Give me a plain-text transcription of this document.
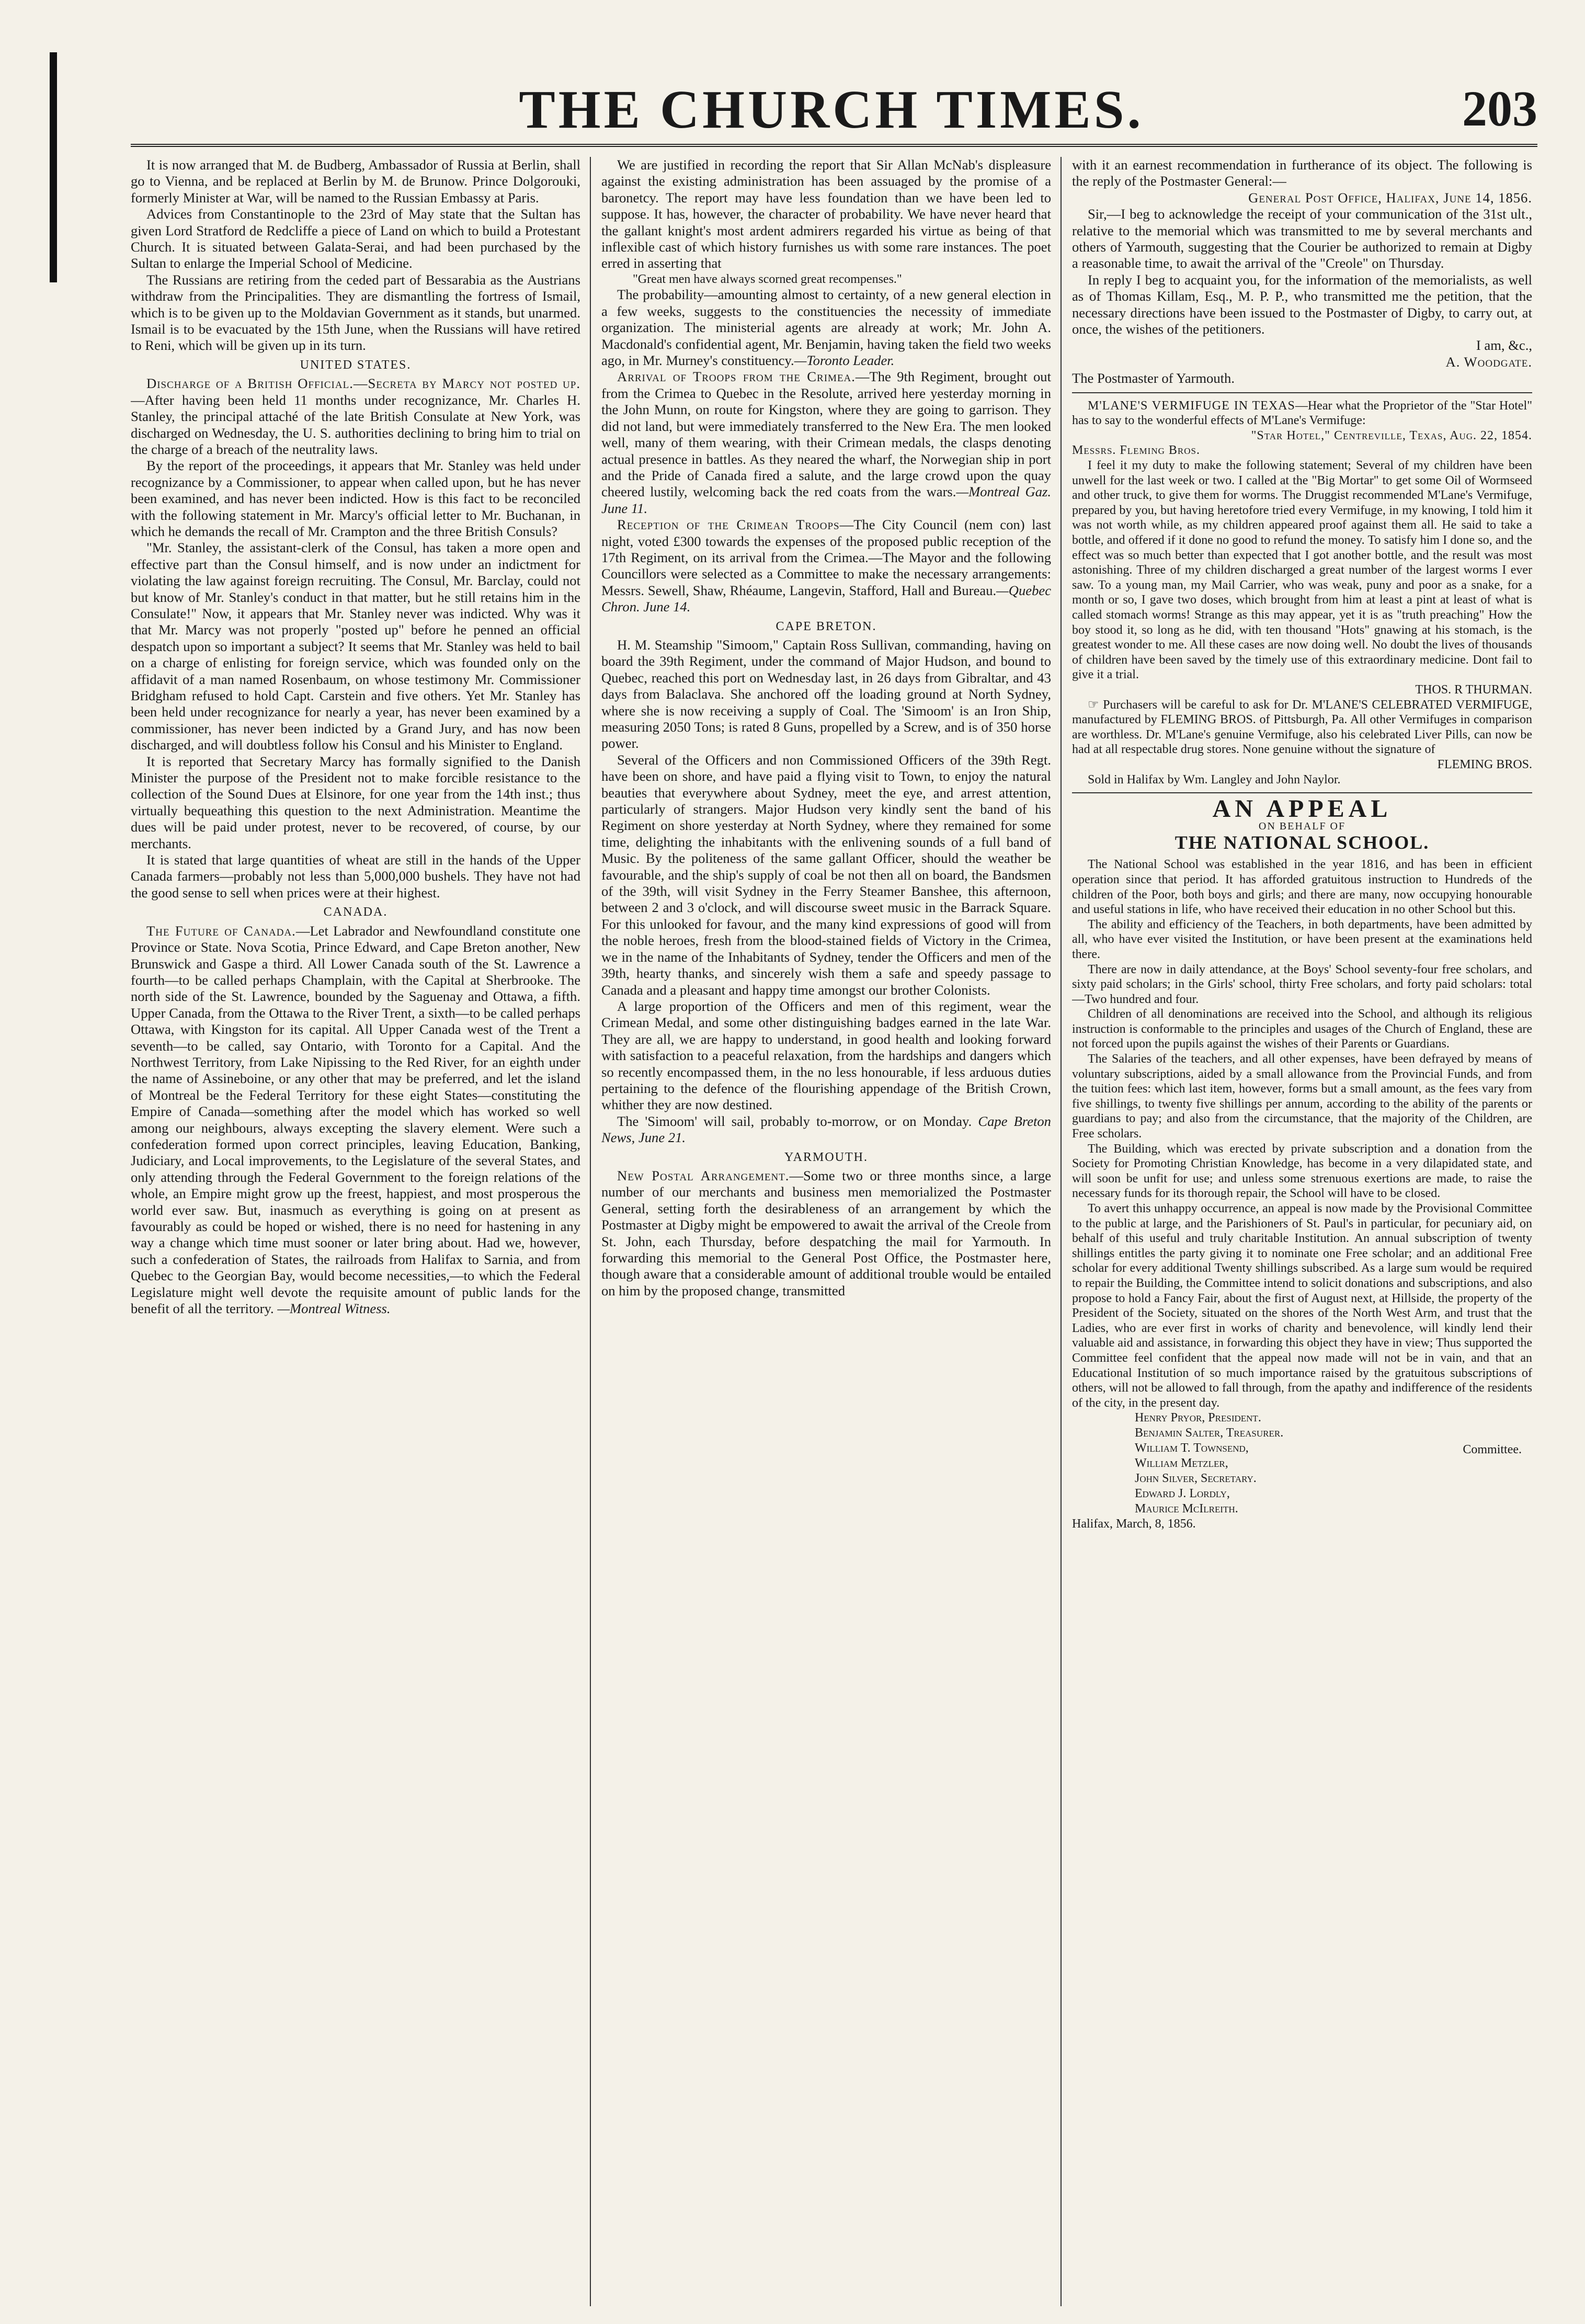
THE CHURCH TIMES.	203

It is now arranged that M. de Budberg, Ambassador of Russia at Berlin, shall go to Vienna, and be replaced at Berlin by M. de Brunow. Prince Dolgorouki, formerly Minister at War, will be named to the Russian Embassy at Paris.

Advices from Constantinople to the 23rd of May state that the Sultan has given Lord Stratford de Redcliffe a piece of Land on which to build a Protestant Church. It is situated between Galata-Serai, and had been purchased by the Sultan to enlarge the Imperial School of Medicine.

The Russians are retiring from the ceded part of Bessarabia as the Austrians withdraw from the Principalities. They are dismantling the fortress of Ismail, which is to be given up to the Moldavian Government as it stands, but unarmed. Ismail is to be evacuated by the 15th June, when the Russians will have retired to Reni, which will be given up in its turn.

UNITED STATES.

Discharge of a British Official.—Secreta by Marcy not posted up.—After having been held 11 months under recognizance, Mr. Charles H. Stanley, the principal attaché of the late British Consulate at New York, was discharged on Wednesday, the U. S. authorities declining to bring him to trial on the charge of a breach of the neutrality laws.

By the report of the proceedings, it appears that Mr. Stanley was held under recognizance by a Commissioner, to appear when called upon, but he has never been examined, and has never been indicted. How is this fact to be reconciled with the following statement in Mr. Marcy's official letter to Mr. Buchanan, in which he demands the recall of Mr. Crampton and the three British Consuls?

"Mr. Stanley, the assistant-clerk of the Consul, has taken a more open and effective part than the Consul himself, and is now under an indictment for violating the law against foreign recruiting. The Consul, Mr. Barclay, could not but know of Mr. Stanley's conduct in that matter, but he still retains him in the Consulate!" Now, it appears that Mr. Stanley never was indicted. Why was it that Mr. Marcy was not properly "posted up" before he penned an official despatch upon so important a subject? It seems that Mr. Stanley was held to bail on a charge of enlisting for foreign service, which was founded only on the affidavit of a man named Rosenbaum, on whose testimony Mr. Commissioner Bridgham refused to hold Capt. Carstein and five others. Yet Mr. Stanley has been held under recognizance for nearly a year, has never been examined by a commissioner, has never been indicted by a Grand Jury, and has now been discharged, and will doubtless follow his Consul and his Minister to England.

It is reported that Secretary Marcy has formally signified to the Danish Minister the purpose of the President not to make forcible resistance to the collection of the Sound Dues at Elsinore, for one year from the 14th inst.; thus virtually bequeathing this question to the next Administration. Meantime the dues will be paid under protest, never to be recovered, of course, by our merchants.

It is stated that large quantities of wheat are still in the hands of the Upper Canada farmers—probably not less than 5,000,000 bushels. They have not had the good sense to sell when prices were at their highest.

CANADA.

The Future of Canada.—Let Labrador and Newfoundland constitute one Province or State. Nova Scotia, Prince Edward, and Cape Breton another, New Brunswick and Gaspe a third. All Lower Canada south of the St. Lawrence a fourth—to be called perhaps Champlain, with the Capital at Sherbrooke. The north side of the St. Lawrence, bounded by the Saguenay and Ottawa, a fifth. Upper Canada, from the Ottawa to the River Trent, a sixth—to be called perhaps Ottawa, with Kingston for its capital. All Upper Canada west of the Trent a seventh—to be called, say Ontario, with Toronto for a Capital. And the Northwest Territory, from Lake Nipissing to the Red River, for an eighth under the name of Assineboine, or any other that may be preferred, and let the island of Montreal be the Federal Territory for these eight States—constituting the Empire of Canada—something after the model which has worked so well among our neighbours, always excepting the slavery element. Were such a confederation formed upon correct principles, leaving Education, Banking, Judiciary, and Local improvements, to the Legislature of the several States, and only attending through the Federal Government to the foreign relations of the whole, an Empire might grow up the freest, happiest, and most prosperous the world ever saw. But, inasmuch as everything is going on at present as favourably as could be hoped or wished, there is no need for hastening in any way a change which time must sooner or later bring about. Had we, however, such a confederation of States, the railroads from Halifax to Sarnia, and from Quebec to the Georgian Bay, would become necessities,—to which the Federal Legislature might well devote the requisite amount of public lands for the benefit of all the territory. —Montreal Witness.

We are justified in recording the report that Sir Allan McNab's displeasure against the existing administration has been assuaged by the promise of a baronetcy. The report may have less foundation than we have been led to suppose. It has, however, the character of probability. We have never heard that the gallant knight's most ardent admirers regarded his virtue as being of that inflexible cast of which history furnishes us with some rare instances. The poet erred in asserting that

"Great men have always scorned great recompenses."

The probability—amounting almost to certainty, of a new general election in a few weeks, suggests to the constituencies the necessity of immediate organization. The ministerial agents are already at work; Mr. John A. Macdonald's confidential agent, Mr. Benjamin, having taken the field two weeks ago, in Mr. Murney's constituency.—Toronto Leader.

Arrival of Troops from the Crimea.—The 9th Regiment, brought out from the Crimea to Quebec in the Resolute, arrived here yesterday morning in the John Munn, on route for Kingston, where they are going to garrison. They did not land, but were immediately transferred to the New Era. The men looked well, many of them wearing, with their Crimean medals, the clasps denoting actual presence in battles. As they neared the wharf, the Norwegian ship in port and the Pride of Canada fired a salute, and the large crowd upon the quay cheered lustily, welcoming back the red coats from the wars.—Montreal Gaz. June 11.

Reception of the Crimean Troops—The City Council (nem con) last night, voted £300 towards the expenses of the proposed public reception of the 17th Regiment, on its arrival from the Crimea.—The Mayor and the following Councillors were selected as a Committee to make the necessary arrangements: Messrs. Sewell, Shaw, Rhéaume, Langevin, Stafford, Hall and Bureau.—Quebec Chron. June 14.

CAPE BRETON.

H. M. Steamship "Simoom," Captain Ross Sullivan, commanding, having on board the 39th Regiment, under the command of Major Hudson, and bound to Quebec, reached this port on Wednesday last, in 26 days from Gibraltar, and 43 days from Balaclava. She anchored off the loading ground at North Sydney, where she is now receiving a supply of Coal. The 'Simoom' is an Iron Ship, measuring 2050 Tons; is rated 8 Guns, propelled by a Screw, and is of 350 horse power.

Several of the Officers and non Commissioned Officers of the 39th Regt. have been on shore, and have paid a flying visit to Town, to enjoy the natural beauties that everywhere about Sydney, meet the eye, and arrest attention, particularly of strangers. Major Hudson very kindly sent the band of his Regiment on shore yesterday at North Sydney, where they remained for some time, delighting the inhabitants with the enlivening sounds of a full band of Music. By the politeness of the same gallant Officer, should the weather be favourable, and the ship's supply of coal be not then all on board, the Bandsmen of the 39th, will visit Sydney in the Ferry Steamer Banshee, this afternoon, between 2 and 3 o'clock, and will discourse sweet music in the Barrack Square. For this unlooked for favour, and the many kind expressions of good will from the noble heroes, fresh from the blood-stained fields of Victory in the Crimea, we in the name of the Inhabitants of Sydney, tender the Officers and men of the 39th, hearty thanks, and sincerely wish them a safe and speedy passage to Canada and a pleasant and happy time amongst our brother Colonists.

A large proportion of the Officers and men of this regiment, wear the Crimean Medal, and some other distinguishing badges earned in the late War. They are all, we are happy to understand, in good health and looking forward with satisfaction to a peaceful relaxation, from the hardships and dangers which so recently encompassed them, in the no less honourable, if less arduous duties pertaining to the defence of the flourishing appendage of the British Crown, whither they are now destined.

The 'Simoom' will sail, probably to-morrow, or on Monday. Cape Breton News, June 21.

YARMOUTH.

New Postal Arrangement.—Some two or three months since, a large number of our merchants and business men memorialized the Postmaster General, setting forth the desirableness of an arrangement by which the Postmaster at Digby might be empowered to await the arrival of the Creole from St. John, each Thursday, before despatching the mail for Yarmouth. In forwarding this memorial to the General Post Office, the Postmaster here, though aware that a considerable amount of additional trouble would be entailed on him by the proposed change, transmitted

with it an earnest recommendation in furtherance of its object. The following is the reply of the Postmaster General:—

General Post Office, Halifax, June 14, 1856.

Sir,—I beg to acknowledge the receipt of your communication of the 31st ult., relative to the memorial which was transmitted to me by several merchants and others of Yarmouth, suggesting that the Courier be authorized to remain at Digby a reasonable time, to await the arrival of the "Creole" on Thursday.

In reply I beg to acquaint you, for the information of the memorialists, as well as of Thomas Killam, Esq., M. P. P., who transmitted me the petition, that the necessary directions have been issued to the Postmaster of Digby, to carry out, at once, the wishes of the petitioners.

I am, &c.,

A. Woodgate.

The Postmaster of Yarmouth.

M'LANE'S VERMIFUGE IN TEXAS—Hear what the Proprietor of the "Star Hotel" has to say to the wonderful effects of M'Lane's Vermifuge:

"Star Hotel," Centreville, Texas, Aug. 22, 1854.

Messrs. Fleming Bros.

I feel it my duty to make the following statement; Several of my children have been unwell for the last week or two. I called at the "Big Mortar" to get some Oil of Wormseed and other truck, to give them for worms. The Druggist recommended M'Lane's Vermifuge, prepared by you, but having heretofore tried every Vermifuge, in my knowing, I told him it was not worth while, as my children appeared proof against them all. He said to take a bottle, and offered if it done no good to refund the money. To satisfy him I done so, and the effect was so much better than expected that I got another bottle, and the result was most astonishing. Three of my children discharged a great number of the largest worms I ever saw. To a young man, my Mail Carrier, who was weak, puny and poor as a snake, for a month or so, I gave two doses, which brought from him at least a pint at least of what is called stomach worms! Strange as this may appear, yet it is as "truth preaching" How the boy stood it, so long as he did, with ten thousand "Hots" gnawing at his stomach, is the greatest wonder to me. All these cases are now doing well. No doubt the lives of thousands of children have been saved by the timely use of this extraordinary medicine. Dont fail to give it a trial.

THOS. R THURMAN.

☞ Purchasers will be careful to ask for Dr. M'LANE'S CELEBRATED VERMIFUGE, manufactured by FLEMING BROS. of Pittsburgh, Pa. All other Vermifuges in comparison are worthless. Dr. M'Lane's genuine Vermifuge, also his celebrated Liver Pills, can now be had at all respectable drug stores. None genuine without the signature of

FLEMING BROS.

Sold in Halifax by Wm. Langley and John Naylor.

AN APPEAL
ON BEHALF OF
THE NATIONAL SCHOOL.

The National School was established in the year 1816, and has been in efficient operation since that period. It has afforded gratuitous instruction to Hundreds of the children of the Poor, both boys and girls; and there are many, now occupying honourable and useful stations in life, who have received their education in no other School but this.

The ability and efficiency of the Teachers, in both departments, have been admitted by all, who have ever visited the Institution, or have been present at the examinations held there.

There are now in daily attendance, at the Boys' School seventy-four free scholars, and sixty paid scholars; in the Girls' school, thirty Free scholars, and forty paid scholars: total—Two hundred and four.

Children of all denominations are received into the School, and although its religious instruction is conformable to the principles and usages of the Church of England, these are not forced upon the pupils against the wishes of their Parents or Guardians.

The Salaries of the teachers, and all other expenses, have been defrayed by means of voluntary subscriptions, aided by a small allowance from the Provincial Funds, and from the tuition fees: which last item, however, forms but a small amount, as the fees vary from five shillings, to twenty five shillings per annum, according to the ability of the parents or guardians to pay; and also from the circumstance, that the majority of the Children, are Free scholars.

The Building, which was erected by private subscription and a donation from the Society for Promoting Christian Knowledge, has become in a very dilapidated state, and will soon be unfit for use; and unless some strenuous exertions are made, to raise the necessary funds for its thorough repair, the School will have to be closed.

To avert this unhappy occurrence, an appeal is now made by the Provisional Committee to the public at large, and the Parishioners of St. Paul's in particular, for pecuniary aid, on behalf of this useful and truly charitable Institution. An annual subscription of twenty shillings entitles the party giving it to nominate one Free scholar; and an additional Free scholar for every additional Twenty shillings subscribed. As a large sum would be required to repair the Building, the Committee intend to solicit donations and subscriptions, and also propose to hold a Fancy Fair, about the first of August next, at Hillside, the property of the President of the Society, situated on the shores of the North West Arm, and trust that the Ladies, who are ever first in works of charity and benevolence, will kindly lend their valuable aid and assistance, in forwarding this object they have in view; Thus supported the Committee feel confident that the appeal now made will not be in vain, and that an Educational Institution of so much importance raised by the gratuitous subscriptions of others, will not be allowed to fall through, from the apathy and indifference of the residents of the city, in the present day.

Henry Pryor, President.
Benjamin Salter, Treasurer.
William T. Townsend,
William Metzler,
John Silver, Secretary.
Edward J. Lordly,
Maurice McIlreith.
Committee.

Halifax, March, 8, 1856.
